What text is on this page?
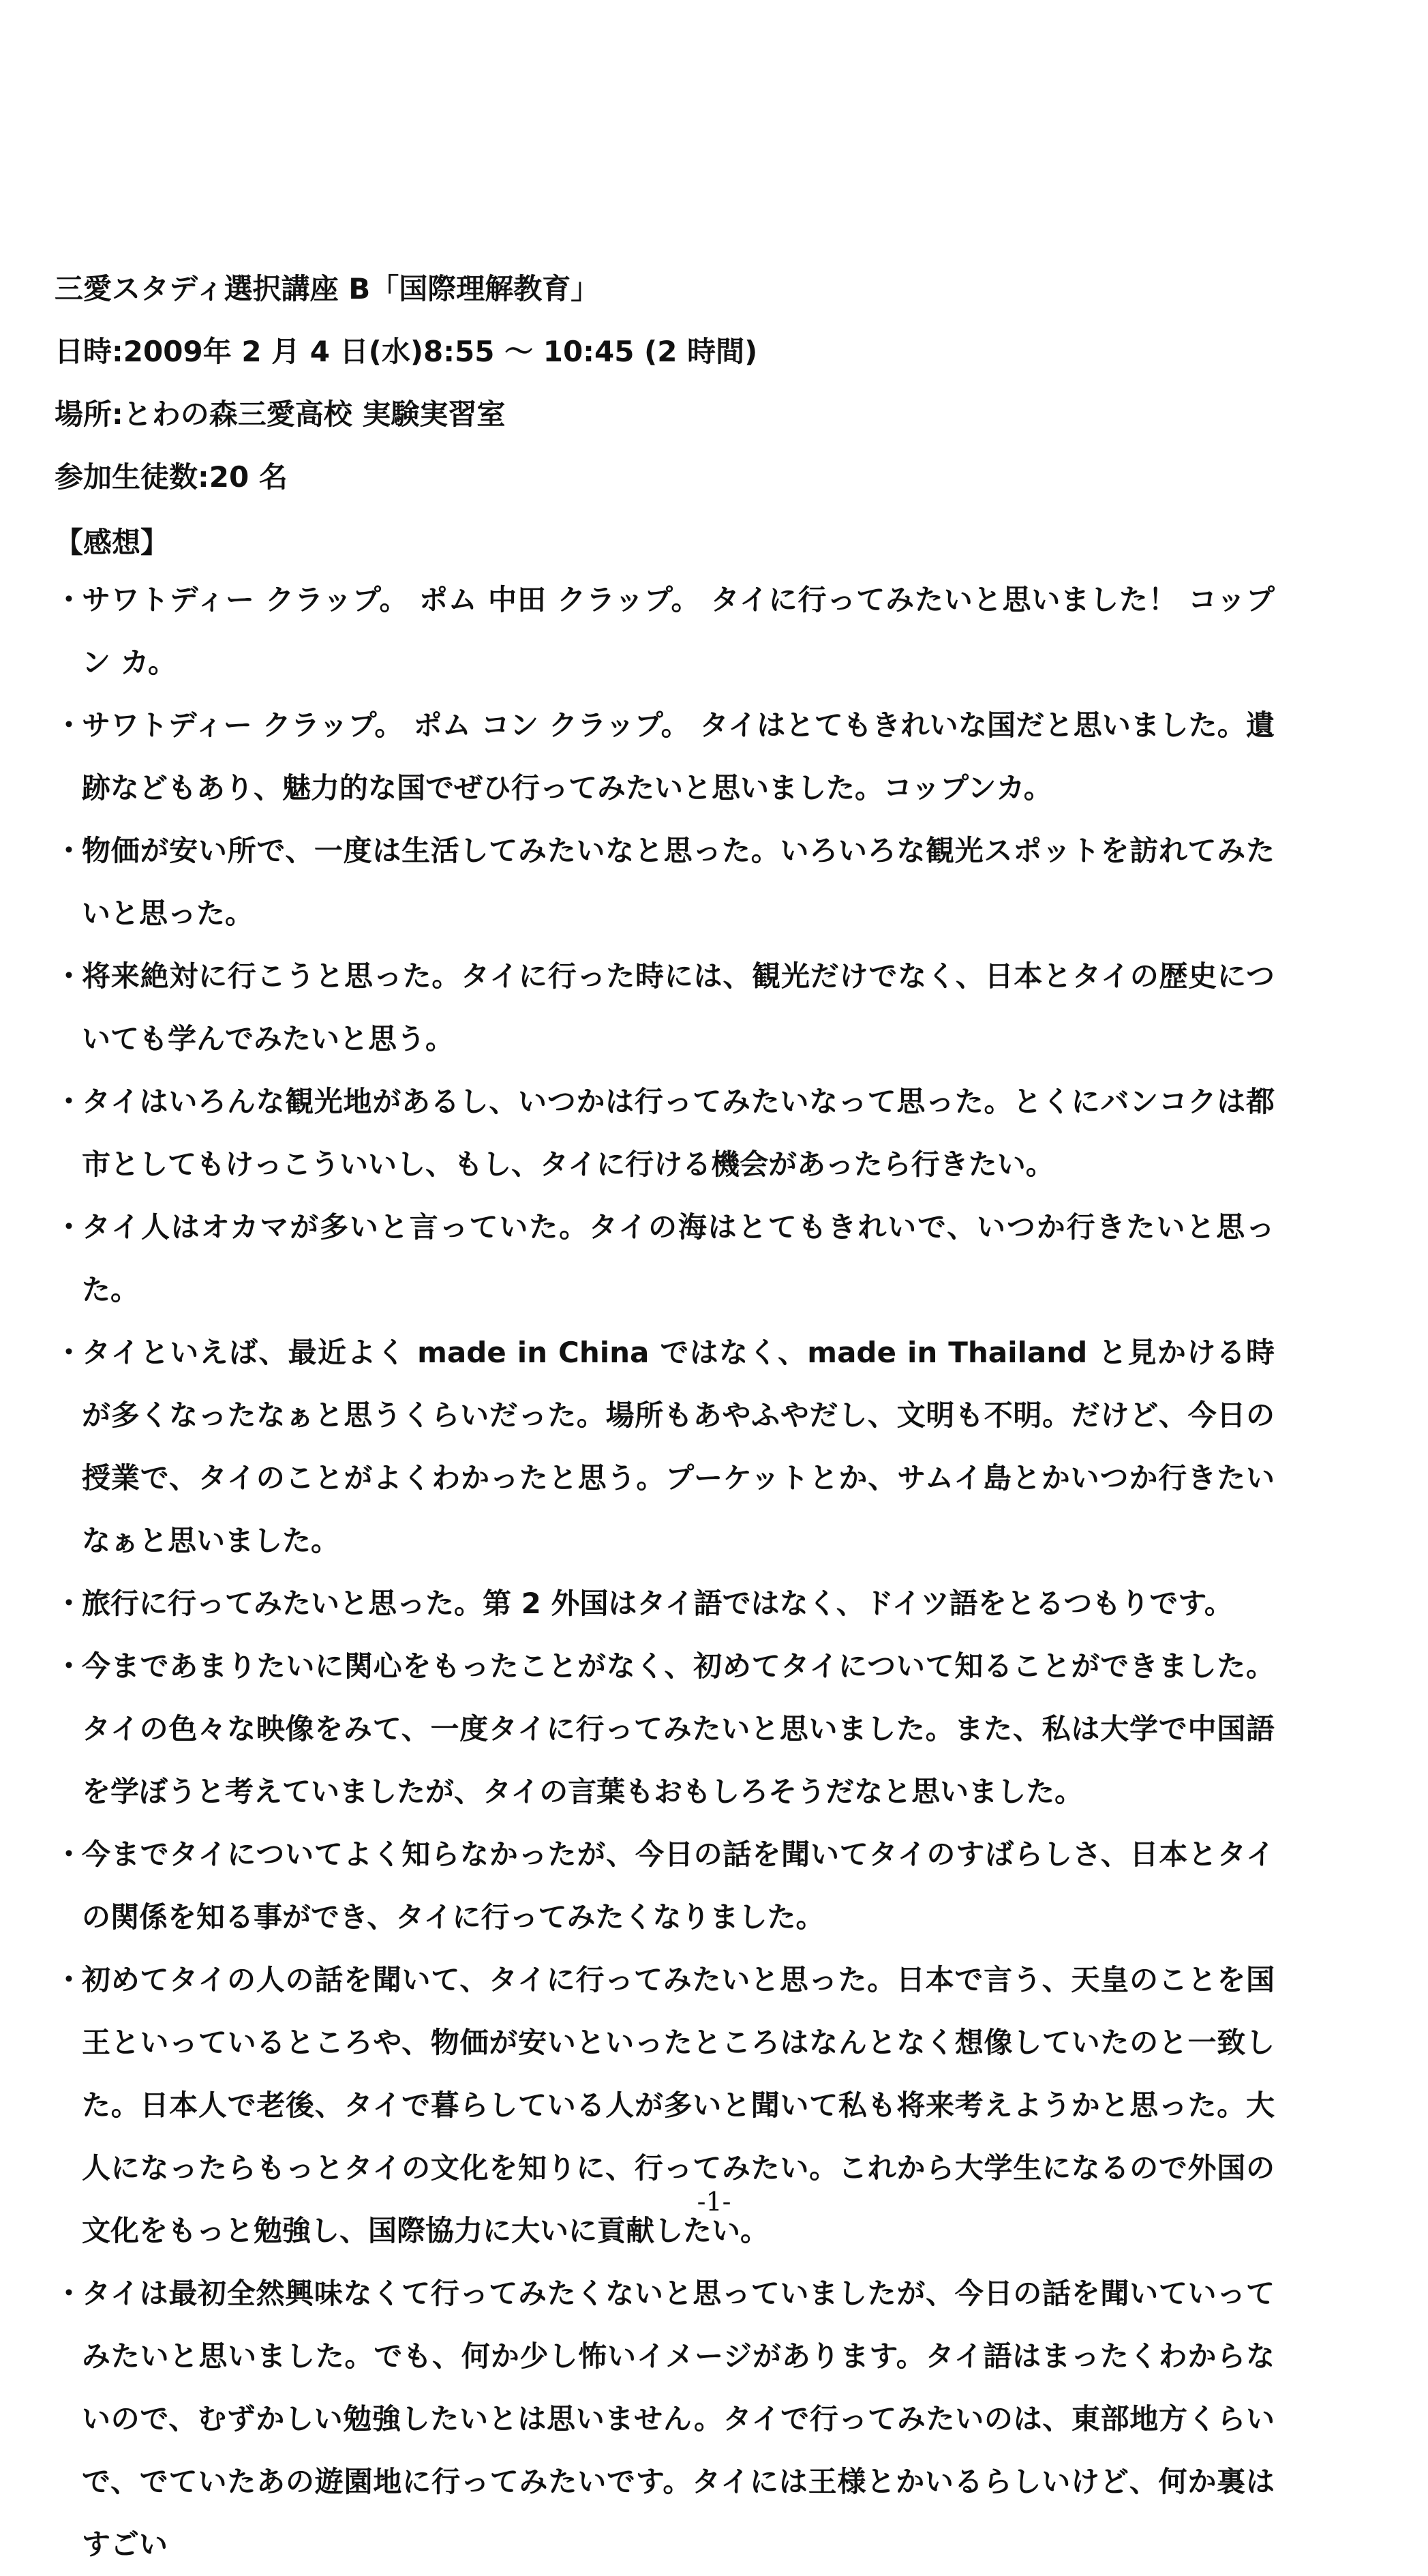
三愛スタディ選択講座 B「国際理解教育」
日時:2009年 2 月 4 日(水)8:55 ～ 10:45 (2 時間)
場所:とわの森三愛高校 実験実習室
参加生徒数:20 名
【感想】
・
サワトディー クラップ。 ポム 中田 クラップ。 タイに行ってみたいと思いました！ コップン カ。
・
サワトディー クラップ。 ポム コン クラップ。 タイはとてもきれいな国だと思いました。遺跡などもあり、魅力的な国でぜひ行ってみたいと思いました。コップンカ。
・
物価が安い所で、一度は生活してみたいなと思った。いろいろな観光スポットを訪れてみたいと思った。
・
将来絶対に行こうと思った。タイに行った時には、観光だけでなく、日本とタイの歴史についても学んでみたいと思う。
・
タイはいろんな観光地があるし、いつかは行ってみたいなって思った。とくにバンコクは都市としてもけっこういいし、もし、タイに行ける機会があったら行きたい。
・
タイ人はオカマが多いと言っていた。タイの海はとてもきれいで、いつか行きたいと思った。
・
タイといえば、最近よく made in China ではなく、made in Thailand と見かける時が多くなったなぁと思うくらいだった。場所もあやふやだし、文明も不明。だけど、今日の授業で、タイのことがよくわかったと思う。プーケットとか、サムイ島とかいつか行きたいなぁと思いました。
・
旅行に行ってみたいと思った。第 2 外国はタイ語ではなく、ドイツ語をとるつもりです。
・
今まであまりたいに関心をもったことがなく、初めてタイについて知ることができました。タイの色々な映像をみて、一度タイに行ってみたいと思いました。また、私は大学で中国語を学ぼうと考えていましたが、タイの言葉もおもしろそうだなと思いました。
・
今までタイについてよく知らなかったが、今日の話を聞いてタイのすばらしさ、日本とタイの関係を知る事ができ、タイに行ってみたくなりました。
・
初めてタイの人の話を聞いて、タイに行ってみたいと思った。日本で言う、天皇のことを国王といっているところや、物価が安いといったところはなんとなく想像していたのと一致した。日本人で老後、タイで暮らしている人が多いと聞いて私も将来考えようかと思った。大人になったらもっとタイの文化を知りに、行ってみたい。これから大学生になるので外国の文化をもっと勉強し、国際協力に大いに貢献したい。
・
タイは最初全然興味なくて行ってみたくないと思っていましたが、今日の話を聞いていってみたいと思いました。でも、何か少し怖いイメージがあります。タイ語はまったくわからないので、むずかしい勉強したいとは思いません。タイで行ってみたいのは、東部地方くらいで、でていたあの遊園地に行ってみたいです。タイには王様とかいるらしいけど、何か裏はすごい
-1-
